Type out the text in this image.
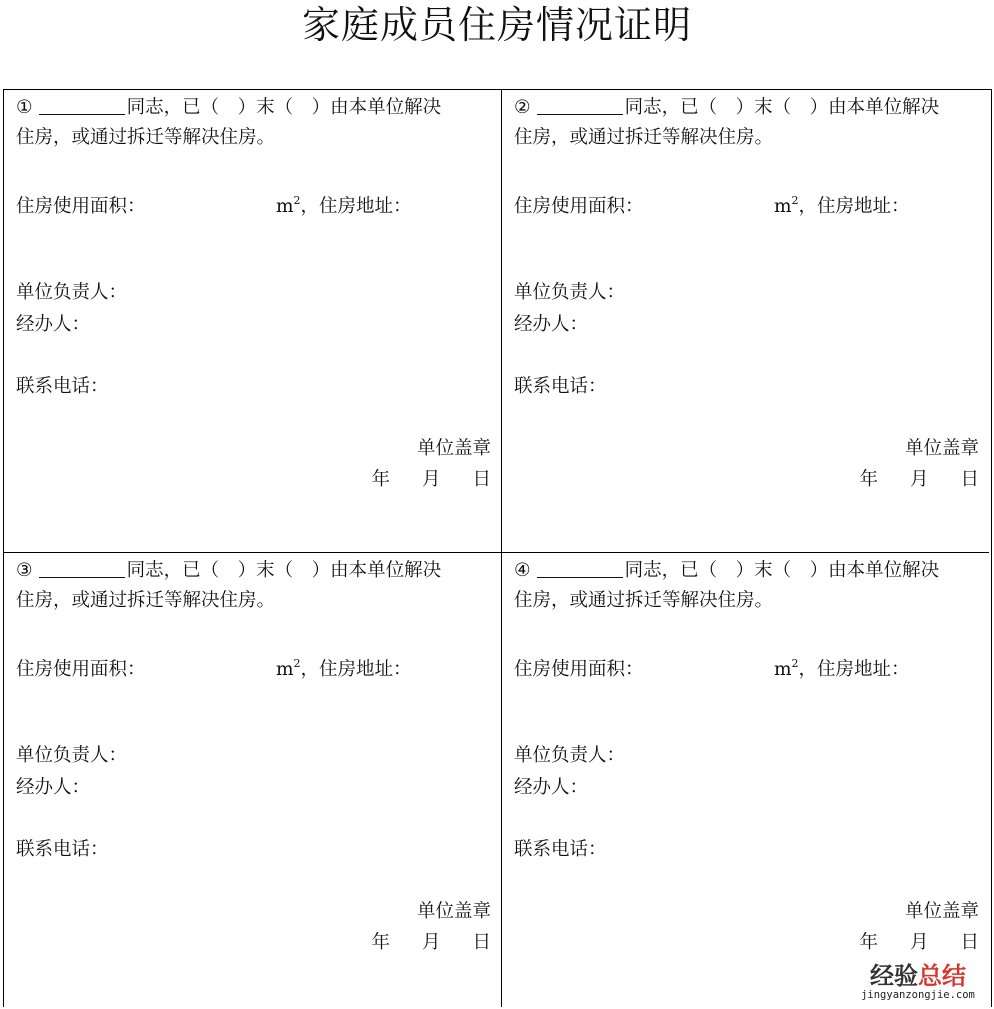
家庭成员住房情况证明
①	同志，已（　）末（　）由本单位解决
住房，或通过拆迁等解决住房。
住房使用面积：	$m^2$，住房地址：
单位负责人：
经办人：
联系电话：
单位盖章
年 月 日
②	同志，已（　）末（　）由本单位解决
住房，或通过拆迁等解决住房。
住房使用面积：	$m^2$，住房地址：
单位负责人：
经办人：
联系电话：
单位盖章
年 月 日
③	同志，已（　）末（　）由本单位解决
住房，或通过拆迁等解决住房。
住房使用面积：	$m^2$，住房地址：
单位负责人：
经办人：
联系电话：
单位盖章
年 月 日
④	同志，已（　）末（　）由本单位解决
住房，或通过拆迁等解决住房。
住房使用面积：	$m^2$，住房地址：
单位负责人：
经办人：
联系电话：
单位盖章
年 月 日
经验总结
jingyanzongjie.com
